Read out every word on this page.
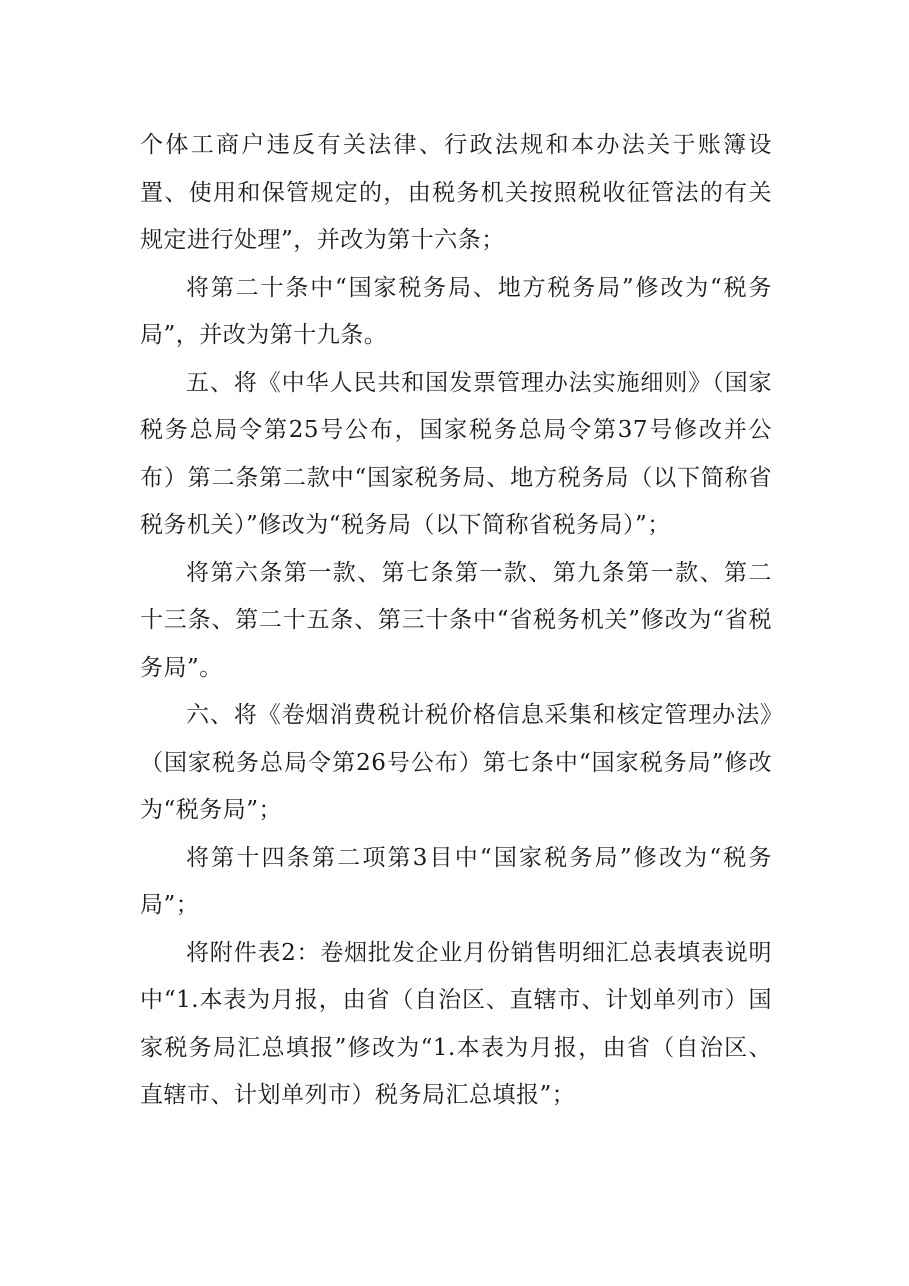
个体工商户违反有关法律、行政法规和本办法关于账簿设置、使用和保管规定的，由税务机关按照税收征管法的有关规定进行处理”，并改为第十六条；

将第二十条中“国家税务局、地方税务局”修改为“税务局”，并改为第十九条。

五、将《中华人民共和国发票管理办法实施细则》（国家税务总局令第25号公布，国家税务总局令第37号修改并公布）第二条第二款中“国家税务局、地方税务局（以下简称省税务机关）”修改为“税务局（以下简称省税务局）”；

将第六条第一款、第七条第一款、第九条第一款、第二十三条、第二十五条、第三十条中“省税务机关”修改为“省税务局”。

六、将《卷烟消费税计税价格信息采集和核定管理办法》（国家税务总局令第26号公布）第七条中“国家税务局”修改为“税务局”；

将第十四条第二项第3目中“国家税务局”修改为“税务局”；

将附件表2：卷烟批发企业月份销售明细汇总表填表说明中“1.本表为月报，由省（自治区、直辖市、计划单列市）国家税务局汇总填报”修改为“1.本表为月报，由省（自治区、直辖市、计划单列市）税务局汇总填报”；
